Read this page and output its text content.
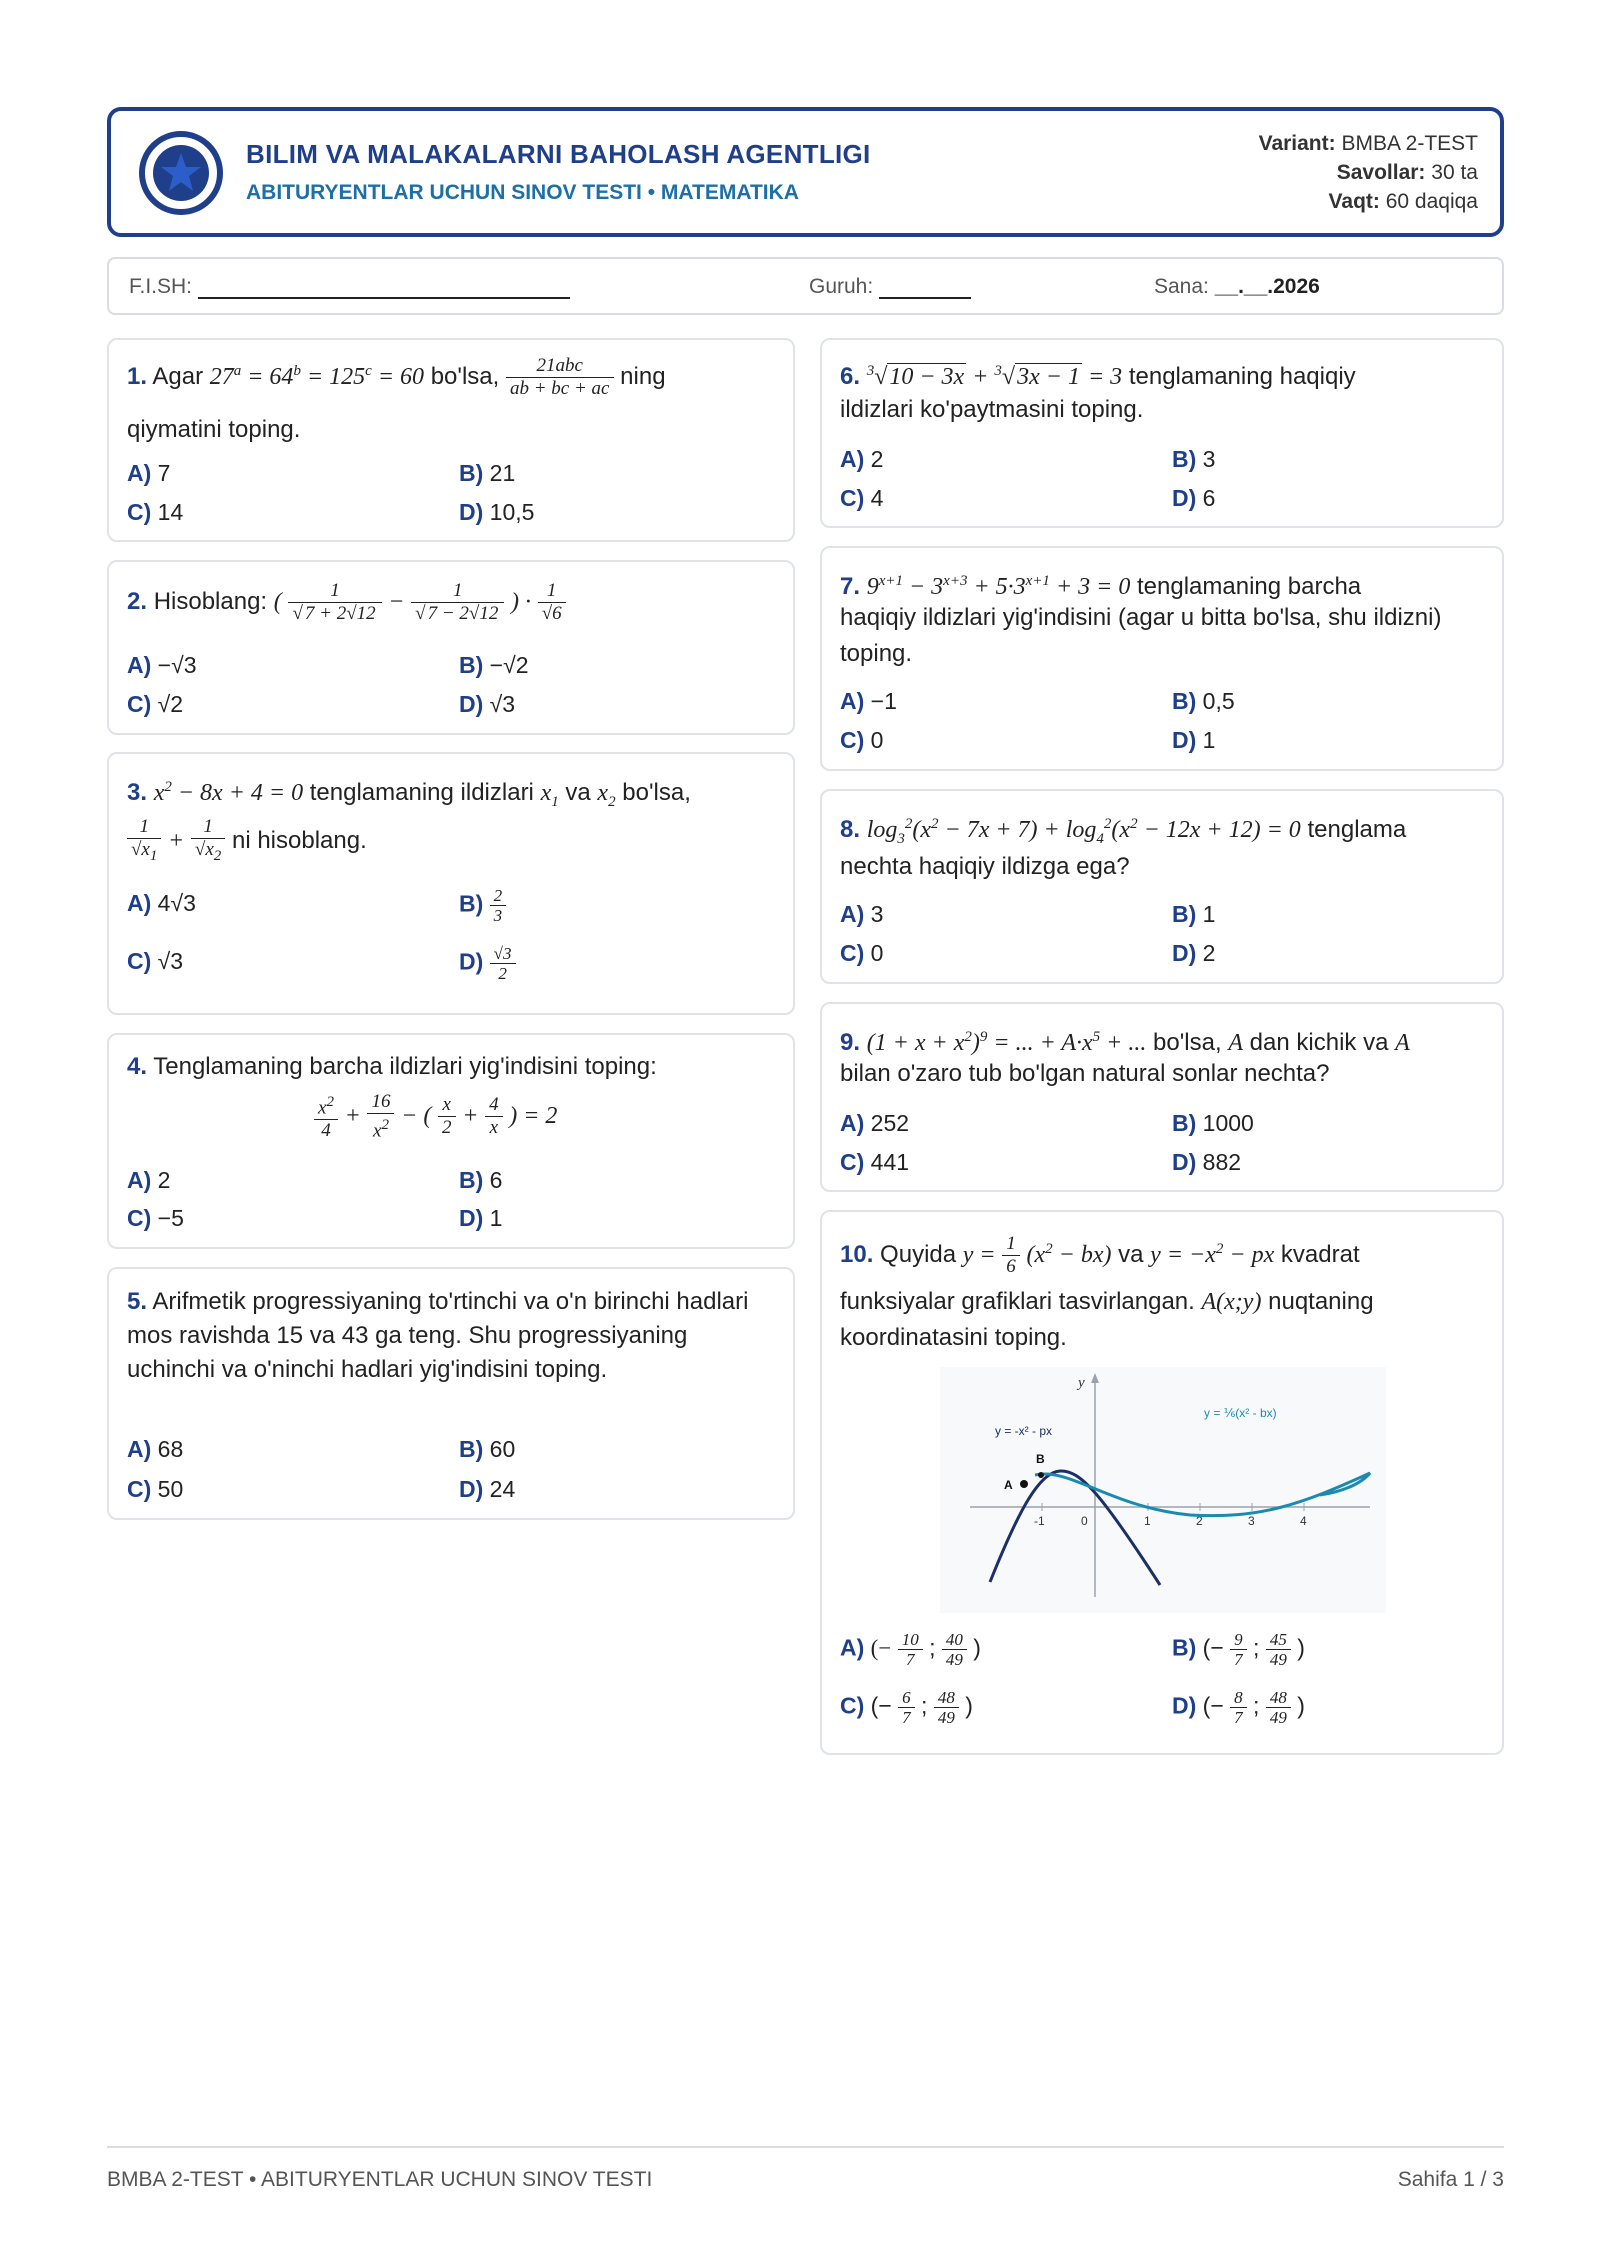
BILIM VA MALAKALARNI BAHOLASH AGENTLIGI
ABITURYENTLAR UCHUN SINOV TESTI • MATEMATIKA
Variant: BMBA 2-TEST
Savollar: 30 ta
Vaqt: 60 daqiqa
F.I.SH:	Guruh:	Sana: __.__.2026
1. Agar $27^a = 64^b = 125^c = 60$ bo'lsa, $\frac{\text{21abc}}{ab + bc + ac}$ ning
qiymatini toping.
A) 7	B) 21
C) 14	D) 10,5
2. Hisoblang: ( $\frac{1}{√ 7 + 2√12} - \frac{1}{√ 7 - 2√12}$ ) · $\frac{1}{√6}$
A) −√3	B) −√2
C) √2	D) √3
3. $x^2 - 8x + 4 = 0$ tenglamaning ildizlari $x_1$ va $x_2$ bo'lsa,
$\frac{1}{√x_1} + \frac{1}{√x_2}$ ni hisoblang.
A) 4√3	$B) \frac{2}{3}$
C) √3	$D) \frac{√3}{2}$
4. Tenglamaning barcha ildizlari yig'indisini toping:
$\frac{x^2}{4} + \frac{16}{x^2}$ − ( $\frac{x}{2} + \frac{4}{x}$ ) = 2
A) 2	B) 6
C) −5	D) 1
5. Arifmetik progressiyaning to'rtinchi va o'n birinchi hadlari mos ravishda 15 va 43 ga teng. Shu progressiyaning uchinchi va o'ninchi hadlari yig'indisini toping.
A) 68	B) 60
C) 50	D) 24
6. $^3$√10 − 3x + $^3$√3x − 1 = 3 tenglamaning haqiqiy
ildizlari ko'paytmasini toping.
A) 2	B) 3
C) 4	D) 6
7. $9^{x+1} - 3^{x+3} + 5\cdot 3^{x+1} + 3 = 0$ tenglamaning barcha
haqiqiy ildizlari yig'indisini (agar u bitta bo'lsa, shu ildizni)
toping.
A) −1	B) 0,5
C) 0	D) 1
8. $\log_3^2(x^2 - 7x + 7) + \log_4^2(x^2 - 12x + 12) = 0$ tenglama
nechta haqiqiy ildizga ega?
A) 3	B) 1
C) 0	D) 2
9. $(1 + x + x^2)^9$ = ... + $A\cdot x^5$ + ... bo'lsa, A dan kichik va A
bilan o'zaro tub bo'lgan natural sonlar nechta?
A) 252	B) 1000
C) 441	D) 882
10. Quyida $y = \frac{1}{6} (x^2 - bx)$ va $y = -x^2$ − px kvadrat
funksiyalar grafiklari tasvirlangan. A(x;y) nuqtaning
koordinatasini toping.
y
-1	0	1	2	3	4
A
B
y = -x² - px
y = ⅙(x² - bx)
A) (− $\frac{10}{7}$ ; $\frac{40}{49}$ )	B) (− $\frac{9}{7}$ ; $\frac{45}{49}$ )
C) (− $\frac{6}{7}$ ; $\frac{48}{49}$ )	D) (− $\frac{8}{7}$ ; $\frac{48}{49}$ )
BMBA 2-TEST • ABITURYENTLAR UCHUN SINOV TESTI	Sahifa 1 / 3
